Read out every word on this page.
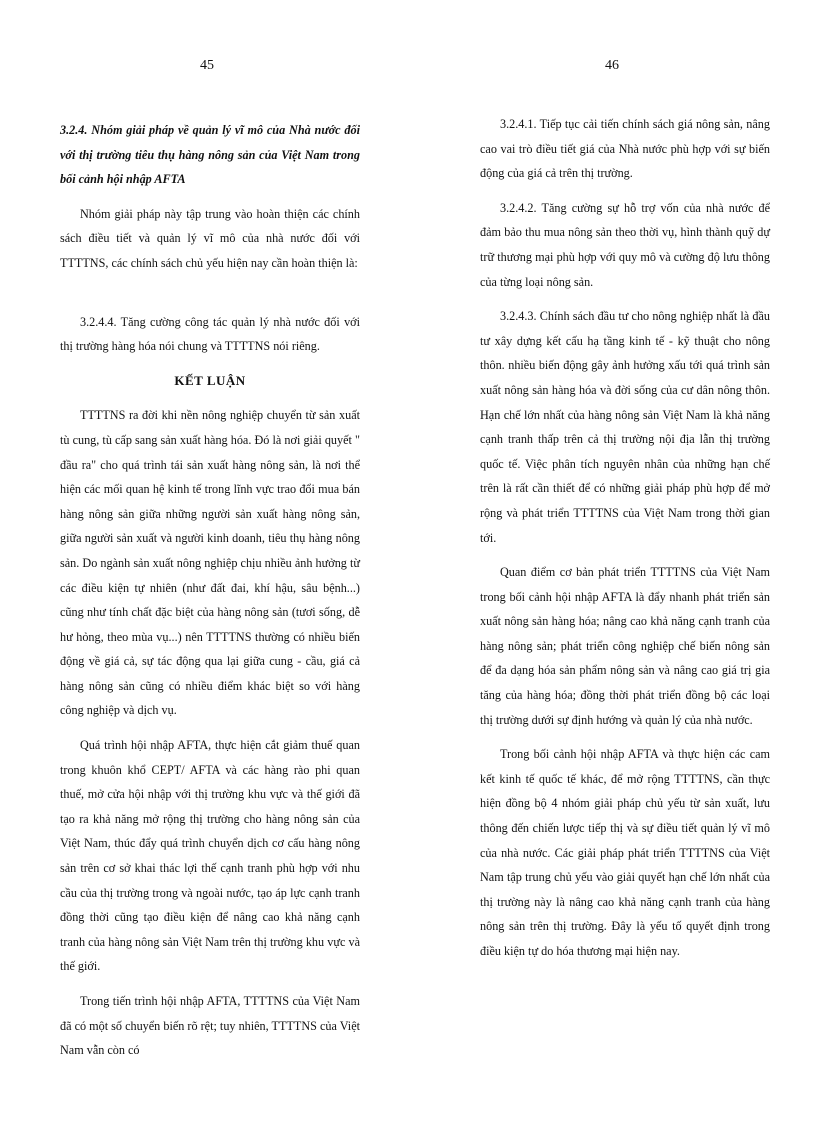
45	46

3.2.4. Nhóm giải pháp về quản lý vĩ mô của Nhà nước đối với thị trường tiêu thụ hàng nông sản của Việt Nam trong bối cảnh hội nhập AFTA

Nhóm giải pháp này tập trung vào hoàn thiện các chính sách điều tiết và quản lý vĩ mô của nhà nước đối với TTTTNS, các chính sách chủ yếu hiện nay cần hoàn thiện là:

3.2.4.4. Tăng cường công tác quản lý nhà nước đối với thị trường hàng hóa nói chung và TTTTNS nói riêng.

KẾT LUẬN

TTTTNS ra đời khi nền nông nghiệp chuyển từ sản xuất tù cung, tù cấp sang sản xuất hàng hóa. Đó là nơi giải quyết " đầu ra" cho quá trình tái sản xuất hàng nông sản, là nơi thể hiện các mối quan hệ kinh tế trong lĩnh vực trao đổi mua bán hàng nông sản giữa những người sản xuất hàng nông sản, giữa người sản xuất và người kinh doanh, tiêu thụ hàng nông sản. Do ngành sản xuất nông nghiệp chịu nhiều ảnh hưởng từ các điều kiện tự nhiên (như đất đai, khí hậu, sâu bệnh...) cũng như tính chất đặc biệt của hàng nông sản (tươi sống, dễ hư hỏng, theo mùa vụ...) nên TTTTNS thường có nhiều biến động về giá cả, sự tác động qua lại giữa cung - cầu, giá cả hàng nông sản cũng có nhiều điểm khác biệt so với hàng công nghiệp và dịch vụ.

Quá trình hội nhập AFTA, thực hiện cắt giảm thuế quan trong khuôn khổ CEPT/ AFTA và các hàng rào phi quan thuế, mở cửa hội nhập với thị trường khu vực và thế giới đã tạo ra khả năng mở rộng thị trường cho hàng nông sản của Việt Nam, thúc đẩy quá trình chuyển dịch cơ cấu hàng nông sản trên cơ sở khai thác lợi thế cạnh tranh phù hợp với nhu cầu của thị trường trong và ngoài nước, tạo áp lực cạnh tranh đồng thời cũng tạo điều kiện để nâng cao khả năng cạnh tranh của hàng nông sản Việt Nam trên thị trường khu vực và thế giới.

Trong tiến trình hội nhập AFTA, TTTTNS của Việt Nam đã có một số chuyển biến rõ rệt; tuy nhiên, TTTTNS của Việt Nam vẫn còn có

3.2.4.1. Tiếp tục cải tiến chính sách giá nông sản, nâng cao vai trò điều tiết giá của Nhà nước phù hợp với sự biến động của giá cả trên thị trường.

3.2.4.2. Tăng cường sự hỗ trợ vốn của nhà nước để đảm bảo thu mua nông sản theo thời vụ, hình thành quỹ dự trữ thương mại phù hợp với quy mô và cường độ lưu thông của từng loại nông sản.

3.2.4.3. Chính sách đầu tư cho nông nghiệp nhất là đầu tư xây dựng kết cấu hạ tầng kinh tế - kỹ thuật cho nông thôn. nhiều biến động gây ảnh hưởng xấu tới quá trình sản xuất nông sản hàng hóa và đời sống của cư dân nông thôn. Hạn chế lớn nhất của hàng nông sản Việt Nam là khả năng cạnh tranh thấp trên cả thị trường nội địa lẫn thị trường quốc tế. Việc phân tích nguyên nhân của những hạn chế trên là rất cần thiết để có những giải pháp phù hợp để mở rộng và phát triển TTTTNS của Việt Nam trong thời gian tới.

Quan điểm cơ bản phát triển TTTTNS của Việt Nam trong bối cảnh hội nhập AFTA là đẩy nhanh phát triển sản xuất nông sản hàng hóa; nâng cao khả năng cạnh tranh của hàng nông sản; phát triển công nghiệp chế biến nông sản để đa dạng hóa sản phẩm nông sản và nâng cao giá trị gia tăng của hàng hóa; đồng thời phát triển đồng bộ các loại thị trường dưới sự định hướng và quản lý của nhà nước.

Trong bối cảnh hội nhập AFTA và thực hiện các cam kết kinh tế quốc tế khác, để mở rộng TTTTNS, cần thực hiện đồng bộ 4 nhóm giải pháp chủ yếu từ sản xuất, lưu thông đến chiến lược tiếp thị và sự điều tiết quản lý vĩ mô của nhà nước. Các giải pháp phát triển TTTTNS của Việt Nam tập trung chủ yếu vào giải quyết hạn chế lớn nhất của thị trường này là nâng cao khả năng cạnh tranh của hàng nông sản trên thị trường. Đây là yếu tố quyết định trong điều kiện tự do hóa thương mại hiện nay.
